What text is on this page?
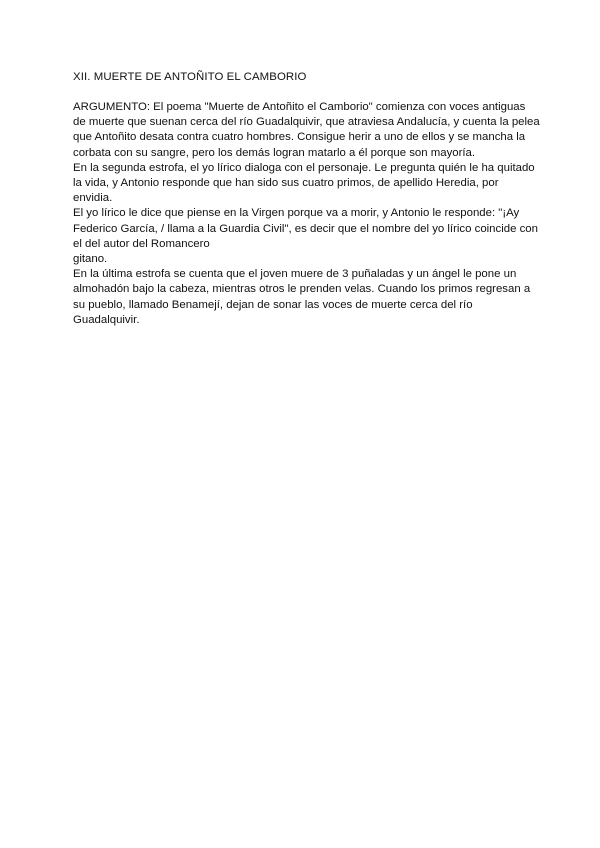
XII. MUERTE DE ANTOÑITO EL CAMBORIO
ARGUMENTO: El poema "Muerte de Antoñito el Camborio" comienza con voces antiguas
de muerte que suenan cerca del río Guadalquivir, que atraviesa Andalucía, y cuenta la pelea
que Antoñito desata contra cuatro hombres. Consigue herir a uno de ellos y se mancha la
corbata con su sangre, pero los demás logran matarlo a él porque son mayoría.
En la segunda estrofa, el yo lírico dialoga con el personaje. Le pregunta quién le ha quitado
la vida, y Antonio responde que han sido sus cuatro primos, de apellido Heredia, por
envidia.
El yo lírico le dice que piense en la Virgen porque va a morir, y Antonio le responde: "¡Ay
Federico García, / llama a la Guardia Civil", es decir que el nombre del yo lírico coincide con
el del autor del Romancero
gitano.
En la última estrofa se cuenta que el joven muere de 3 puñaladas y un ángel le pone un
almohadón bajo la cabeza, mientras otros le prenden velas. Cuando los primos regresan a
su pueblo, llamado Benamejí, dejan de sonar las voces de muerte cerca del río
Guadalquivir.
